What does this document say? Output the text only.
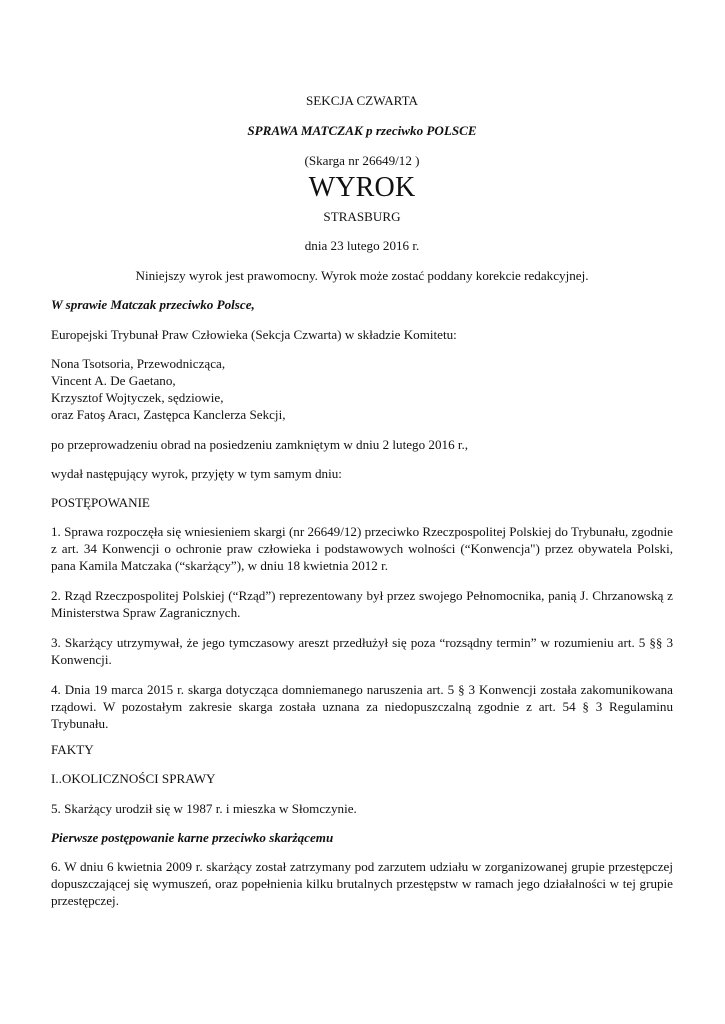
SEKCJA CZWARTA

SPRAWA MATCZAK p rzeciwko POLSCE

(Skarga nr 26649/12 )

WYROK

STRASBURG

dnia 23 lutego 2016 r.

Niniejszy wyrok jest prawomocny. Wyrok może zostać poddany korekcie redakcyjnej.

W sprawie Matczak przeciwko Polsce,

Europejski Trybunał Praw Człowieka (Sekcja Czwarta) w składzie Komitetu:

Nona Tsotsoria, Przewodnicząca,
Vincent A. De Gaetano,
Krzysztof Wojtyczek, sędziowie,
oraz Fatoş Aracı, Zastępca Kanclerza Sekcji,

po przeprowadzeniu obrad na posiedzeniu zamkniętym w dniu 2 lutego 2016 r.,

wydał następujący wyrok, przyjęty w tym samym dniu:

POSTĘPOWANIE

1. Sprawa rozpoczęła się wniesieniem skargi (nr 26649/12) przeciwko Rzeczpospolitej Polskiej do Trybunału, zgodnie z art. 34 Konwencji o ochronie praw człowieka i podstawowych wolności (“Konwencja") przez obywatela Polski, pana Kamila Matczaka (“skarżący”), w dniu 18 kwietnia 2012 r.

2. Rząd Rzeczpospolitej Polskiej (“Rząd”) reprezentowany był przez swojego Pełnomocnika, panią J. Chrzanowską z Ministerstwa Spraw Zagranicznych.

3. Skarżący utrzymywał, że jego tymczasowy areszt przedłużył się poza “rozsądny termin” w rozumieniu art. 5 §§ 3 Konwencji.

4. Dnia 19 marca 2015 r. skarga dotycząca domniemanego naruszenia art. 5 § 3 Konwencji została zakomunikowana rządowi. W pozostałym zakresie skarga została uznana za niedopuszczalną zgodnie z art. 54 § 3 Regulaminu Trybunału.

FAKTY

I..OKOLICZNOŚCI SPRAWY

5. Skarżący urodził się w 1987 r. i mieszka w Słomczynie.

Pierwsze postępowanie karne przeciwko skarżącemu

6. W dniu 6 kwietnia 2009 r. skarżący został zatrzymany pod zarzutem udziału w zorganizowanej grupie przestępczej dopuszczającej się wymuszeń, oraz popełnienia kilku brutalnych przestępstw w ramach jego działalności w tej grupie przestępczej.
